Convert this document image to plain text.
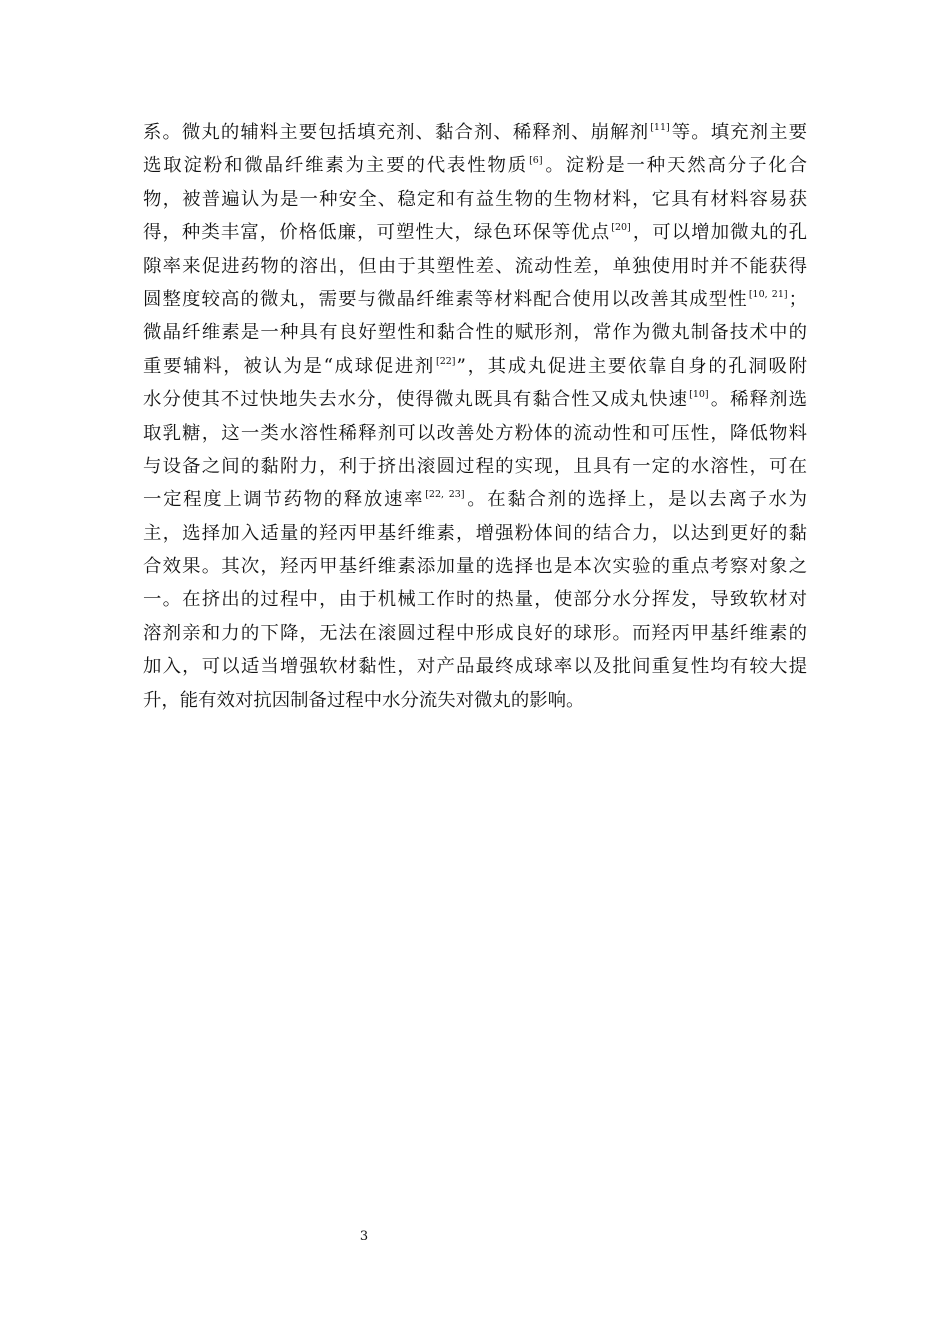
系。微丸的辅料主要包括填充剂、黏合剂、稀释剂、崩解剂[11]等。填充剂主要
选取淀粉和微晶纤维素为主要的代表性物质[6]。淀粉是一种天然高分子化合
物，被普遍认为是一种安全、稳定和有益生物的生物材料，它具有材料容易获
得，种类丰富，价格低廉，可塑性大，绿色环保等优点[20]，可以增加微丸的孔
隙率来促进药物的溶出，但由于其塑性差、流动性差，单独使用时并不能获得
圆整度较高的微丸，需要与微晶纤维素等材料配合使用以改善其成型性[10, 21]；
微晶纤维素是一种具有良好塑性和黏合性的赋形剂，常作为微丸制备技术中的
重要辅料，被认为是“成球促进剂[22]”，其成丸促进主要依靠自身的孔洞吸附
水分使其不过快地失去水分，使得微丸既具有黏合性又成丸快速[10]。稀释剂选
取乳糖，这一类水溶性稀释剂可以改善处方粉体的流动性和可压性，降低物料
与设备之间的黏附力，利于挤出滚圆过程的实现，且具有一定的水溶性，可在
一定程度上调节药物的释放速率[22, 23]。在黏合剂的选择上，是以去离子水为
主，选择加入适量的羟丙甲基纤维素，增强粉体间的结合力，以达到更好的黏
合效果。其次，羟丙甲基纤维素添加量的选择也是本次实验的重点考察对象之
一。在挤出的过程中，由于机械工作时的热量，使部分水分挥发，导致软材对
溶剂亲和力的下降，无法在滚圆过程中形成良好的球形。而羟丙甲基纤维素的
加入，可以适当增强软材黏性，对产品最终成球率以及批间重复性均有较大提
升，能有效对抗因制备过程中水分流失对微丸的影响。
3
